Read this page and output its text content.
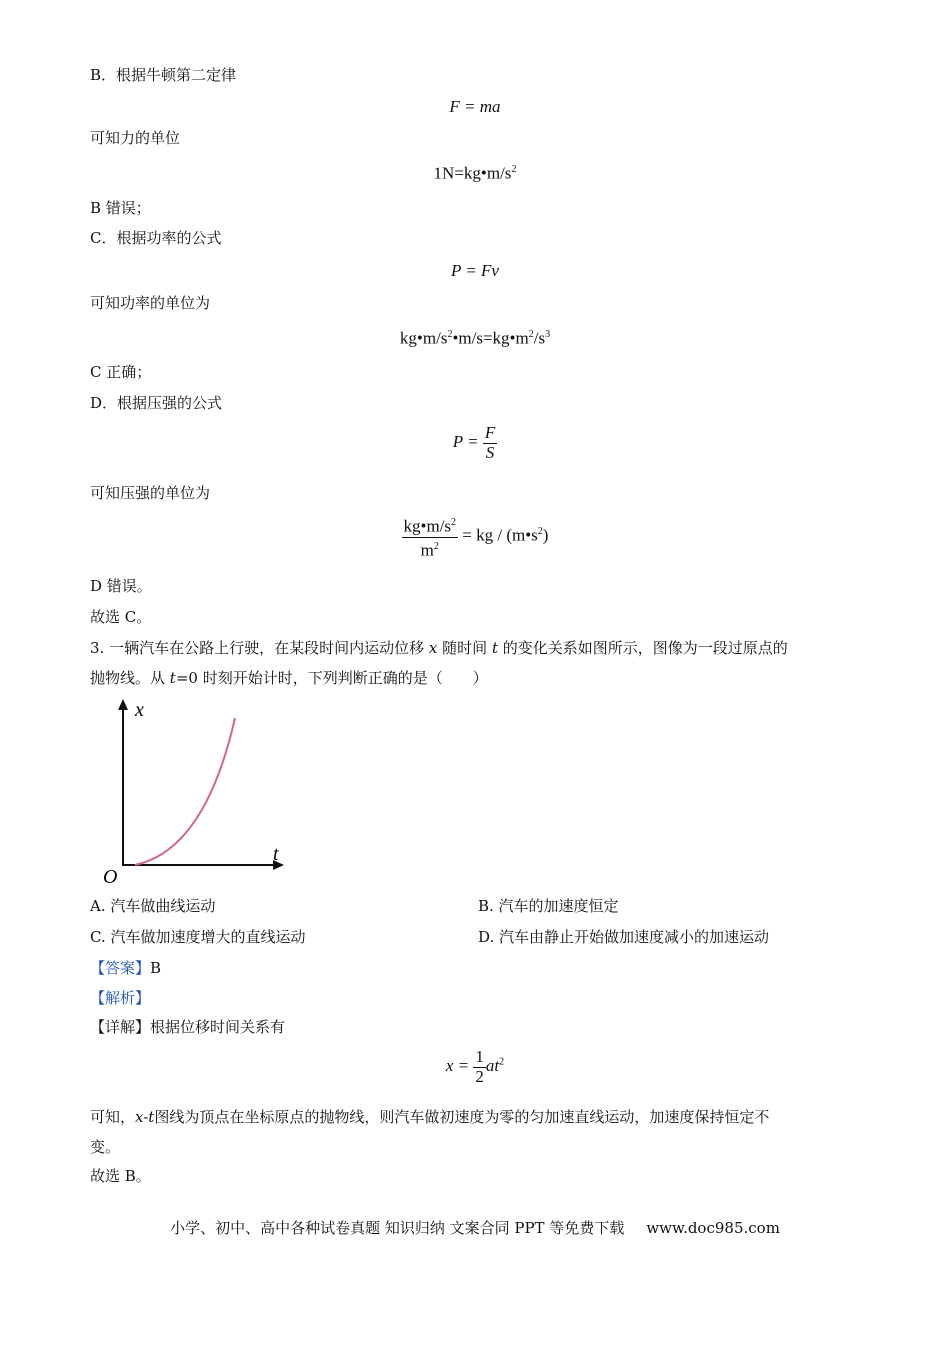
B．根据牛顿第二定律
F = ma
可知力的单位
$1N=kg•m/s^2$
B 错误；
C．根据功率的公式
P = Fv
可知功率的单位为
$kg•m/s^2•m/s=kg•m^2/s^3$
C 正确；
D．根据压强的公式
$P = \frac{F}{S}$
可知压强的单位为
$\frac{kg•m/s^2}{m^2}$ = kg / $(m•s^2)$
D 错误。
故选 C。
3. 一辆汽车在公路上行驶，在某段时间内运动位移 x 随时间 t 的变化关系如图所示，图像为一段过原点的
抛物线。从 t=0 时刻开始计时，下列判断正确的是（　　）
x
t
O
A. 汽车做曲线运动	B. 汽车的加速度恒定
C. 汽车做加速度增大的直线运动	D. 汽车由静止开始做加速度减小的加速运动
【答案】B
【解析】
【详解】根据位移时间关系有
$x = \frac{1}{2} at^2$
可知，x-t图线为顶点在坐标原点的抛物线，则汽车做初速度为零的匀加速直线运动，加速度保持恒定不
变。
故选 B。
小学、初中、高中各种试卷真题 知识归纳 文案合同 PPT 等免费下载 www.doc985.com
